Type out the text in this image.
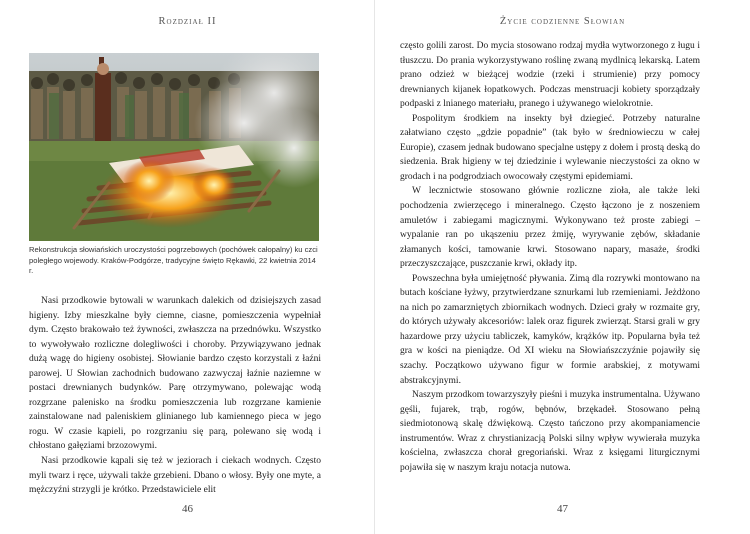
Rozdział II
Rekonstrukcja słowiańskich uroczystości pogrzebowych (pochówek całopalny) ku czci poległego wojewody. Kraków-Podgórze, tradycyjne święto Rękawki, 22 kwietnia 2014 r.

Nasi przodkowie bytowali w warunkach dalekich od dzisiejszych zasad higieny. Izby mieszkalne były ciemne, ciasne, pomieszczenia wypełniał dym. Często brakowało też żywności, zwłaszcza na przednówku. Wszystko to wywoływało rozliczne dolegliwości i choroby. Przywiązywano jednak dużą wagę do higieny osobistej. Słowianie bardzo często korzystali z łaźni parowej. U Słowian zachodnich budowano zazwyczaj łaźnie naziemne w postaci drewnianych budynków. Parę otrzymywano, polewając wodą rozgrzane palenisko na środku pomieszczenia lub rozgrzane kamienie zainstalowane nad paleniskiem glinianego lub kamiennego pieca w jego rogu. W czasie kąpieli, po rozgrzaniu się parą, polewano się wodą i chłostano gałęziami brzozowymi.

Nasi przodkowie kąpali się też w jeziorach i ciekach wodnych. Często myli twarz i ręce, używali także grzebieni. Dbano o włosy. Były one myte, a mężczyźni strzygli je krótko. Przedstawiciele elit

46
Życie codzienne Słowian

często golili zarost. Do mycia stosowano rodzaj mydła wytworzonego z ługu i tłuszczu. Do prania wykorzystywano roślinę zwaną mydlnicą lekarską. Latem prano odzież w bieżącej wodzie (rzeki i strumienie) przy pomocy drewnianych kijanek łopatkowych. Podczas menstruacji kobiety sporządzały podpaski z lnianego materiału, pranego i używanego wielokrotnie.

Pospolitym środkiem na insekty był dziegieć. Potrzeby naturalne załatwiano często „gdzie popadnie” (tak było w średniowieczu w całej Europie), czasem jednak budowano specjalne ustępy z dołem i prostą deską do siedzenia. Brak higieny w tej dziedzinie i wylewanie nieczystości za okno w grodach i na podgrodziach owocowały częstymi epidemiami.

W lecznictwie stosowano głównie rozliczne zioła, ale także leki pochodzenia zwierzęcego i mineralnego. Często łączono je z noszeniem amuletów i zabiegami magicznymi. Wykonywano też proste zabiegi – wypalanie ran po ukąszeniu przez żmiję, wyrywanie zębów, składanie złamanych kości, tamowanie krwi. Stosowano napary, masaże, środki przeczyszczające, puszczanie krwi, okłady itp.

Powszechna była umiejętność pływania. Zimą dla rozrywki montowano na butach kościane łyżwy, przytwierdzane sznurkami lub rzemieniami. Jeżdżono na nich po zamarzniętych zbiornikach wodnych. Dzieci grały w rozmaite gry, do których używały akcesoriów: lalek oraz figurek zwierząt. Starsi grali w gry hazardowe przy użyciu tabliczek, kamyków, krążków itp. Popularna była też gra w kości na pieniądze. Od XI wieku na Słowiańszczyźnie pojawiły się szachy. Początkowo używano figur w formie arabskiej, z motywami abstrakcyjnymi.

Naszym przodkom towarzyszyły pieśni i muzyka instrumentalna. Używano gęśli, fujarek, trąb, rogów, bębnów, brzękadeł. Stosowano pełną siedmiotonową skalę dźwiękową. Często tańczono przy akompaniamencie instrumentów. Wraz z chrystianizacją Polski silny wpływ wywierała muzyka kościelna, zwłaszcza chorał gregoriański. Wraz z księgami liturgicznymi pojawiła się w naszym kraju notacja nutowa.

47
